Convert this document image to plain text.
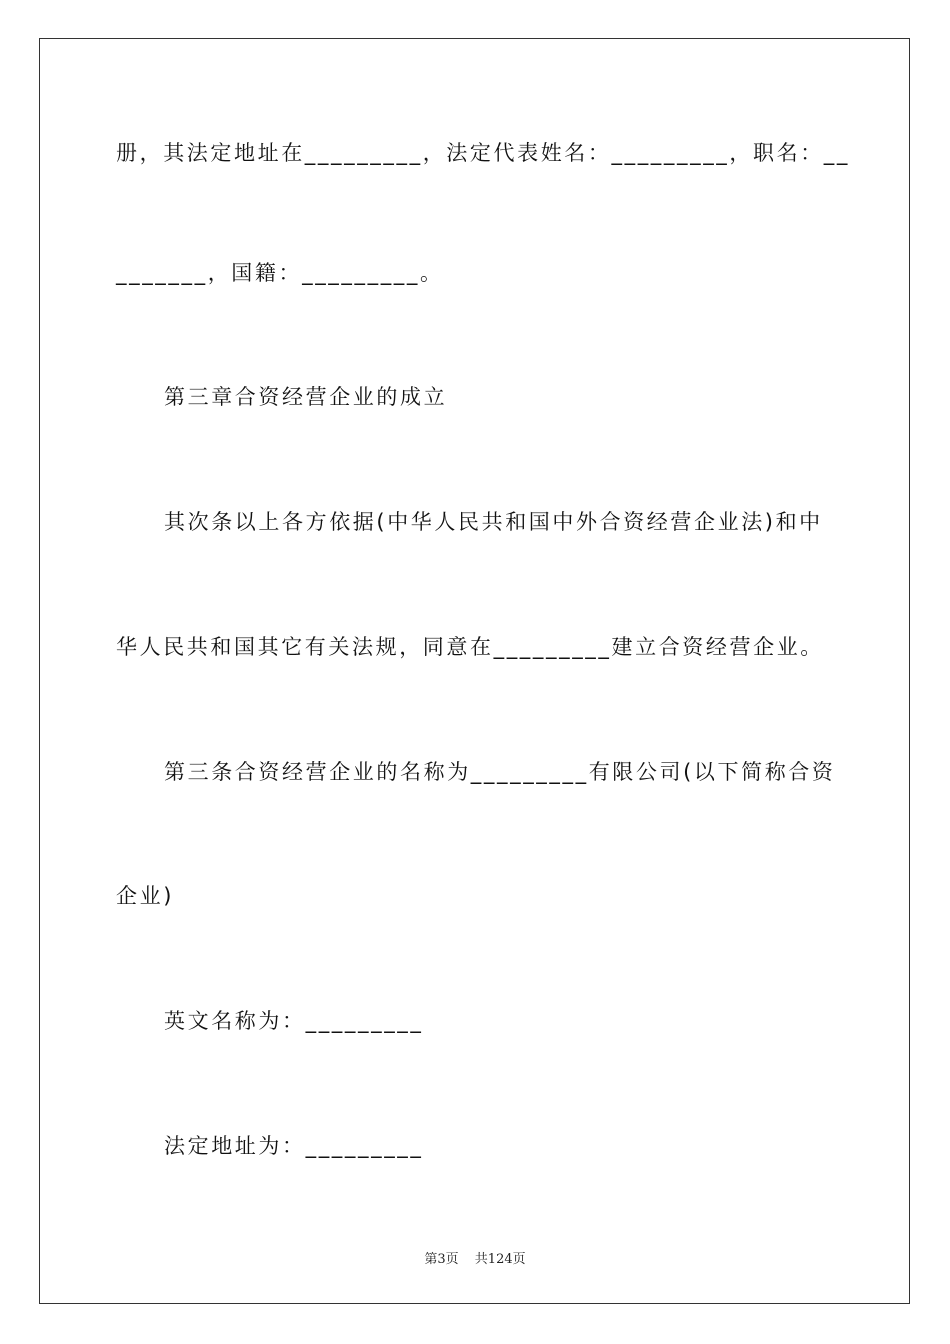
册，其法定地址在_________，法定代表姓名：_________，职名：__
_______，国籍：_________。
第三章合资经营企业的成立
其次条以上各方依据(中华人民共和国中外合资经营企业法)和中
华人民共和国其它有关法规，同意在_________建立合资经营企业。
第三条合资经营企业的名称为_________有限公司(以下简称合资
企业)
英文名称为：_________
法定地址为：_________
第3页 共124页
